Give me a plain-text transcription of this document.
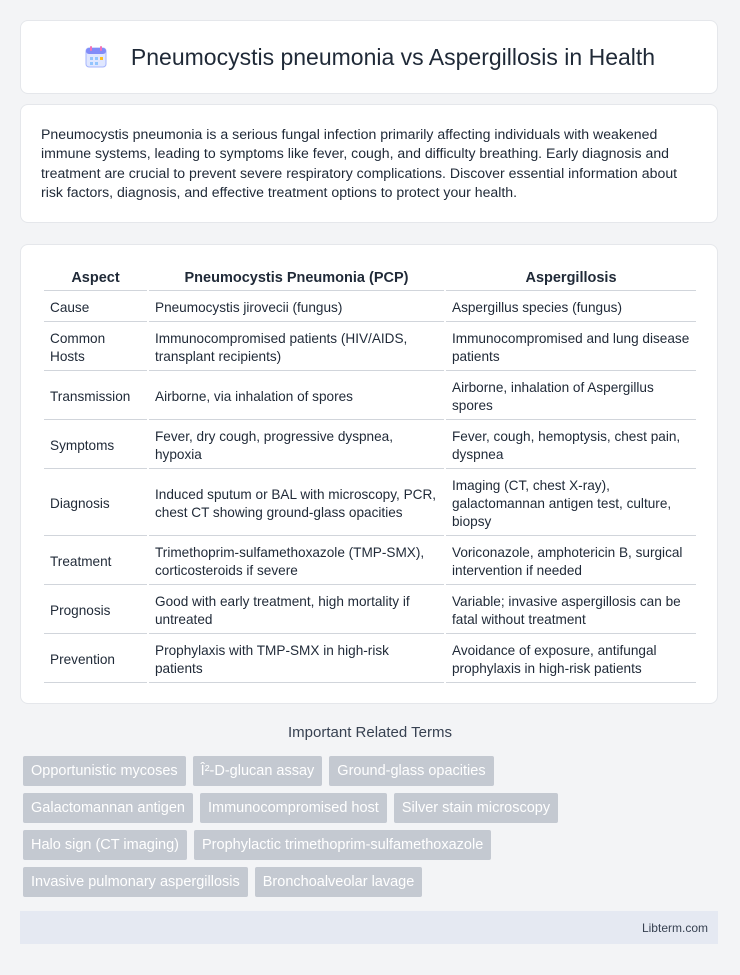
Pneumocystis pneumonia vs Aspergillosis in Health

Pneumocystis pneumonia is a serious fungal infection primarily affecting individuals with weakened immune systems, leading to symptoms like fever, cough, and difficulty breathing. Early diagnosis and treatment are crucial to prevent severe respiratory complications. Discover essential information about risk factors, diagnosis, and effective treatment options to protect your health.

Aspect	Pneumocystis Pneumonia (PCP)	Aspergillosis
Cause	Pneumocystis jirovecii (fungus)	Aspergillus species (fungus)
Common Hosts	Immunocompromised patients (HIV/AIDS, transplant recipients)	Immunocompromised and lung disease patients
Transmission	Airborne, via inhalation of spores	Airborne, inhalation of Aspergillus spores
Symptoms	Fever, dry cough, progressive dyspnea, hypoxia	Fever, cough, hemoptysis, chest pain, dyspnea
Diagnosis	Induced sputum or BAL with microscopy, PCR, chest CT showing ground-glass opacities	Imaging (CT, chest X-ray), galactomannan antigen test, culture, biopsy
Treatment	Trimethoprim-sulfamethoxazole (TMP-SMX), corticosteroids if severe	Voriconazole, amphotericin B, surgical intervention if needed
Prognosis	Good with early treatment, high mortality if untreated	Variable; invasive aspergillosis can be fatal without treatment
Prevention	Prophylaxis with TMP-SMX in high-risk patients	Avoidance of exposure, antifungal prophylaxis in high-risk patients
Important Related Terms
Opportunistic mycoses	Î²-D-glucan assay	Ground-glass opacities
Galactomannan antigen	Immunocompromised host	Silver stain microscopy
Halo sign (CT imaging)	Prophylactic trimethoprim-sulfamethoxazole
Invasive pulmonary aspergillosis	Bronchoalveolar lavage
Libterm.com
